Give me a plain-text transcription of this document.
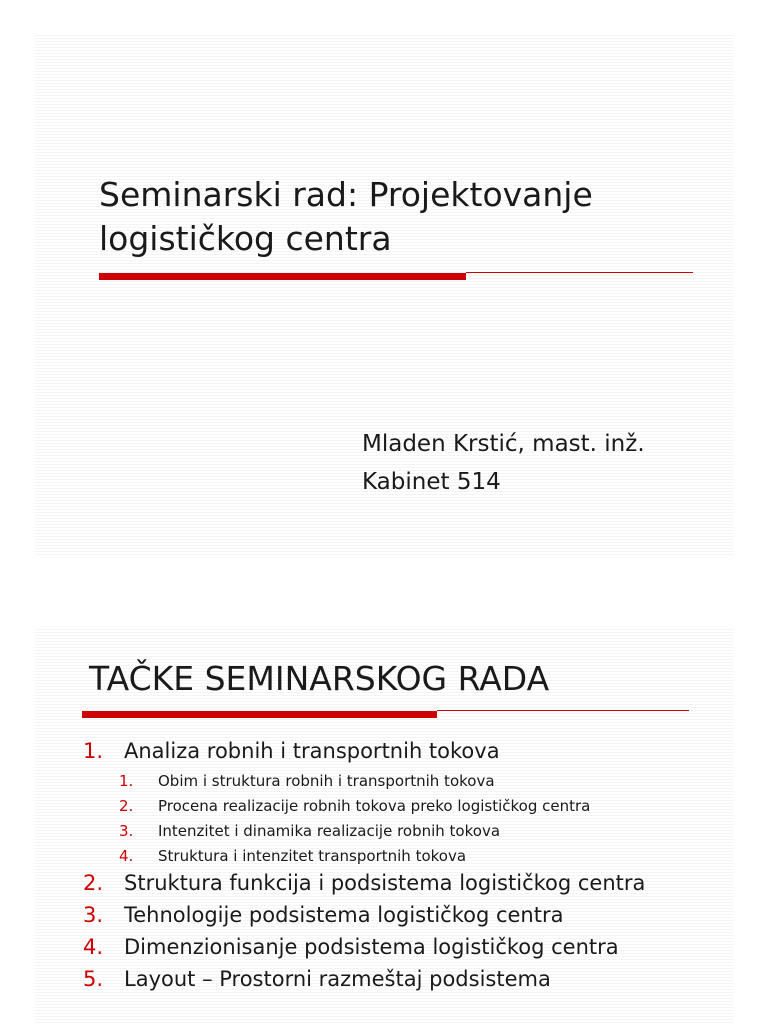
Seminarski rad: Projektovanje logističkog centra
Mladen Krstić, mast. inž.
Kabinet 514
TAČKE SEMINARSKOG RADA
1. Analiza robnih i transportnih tokova
1.	Obim i struktura robnih i transportnih tokova
2.	Procena realizacije robnih tokova preko logističkog centra
3.	Intenzitet i dinamika realizacije robnih tokova
4.	Struktura i intenzitet transportnih tokova
2. Struktura funkcija i podsistema logističkog centra
3. Tehnologije podsistema logističkog centra
4. Dimenzionisanje podsistema logističkog centra
5. Layout – Prostorni razmeštaj podsistema
